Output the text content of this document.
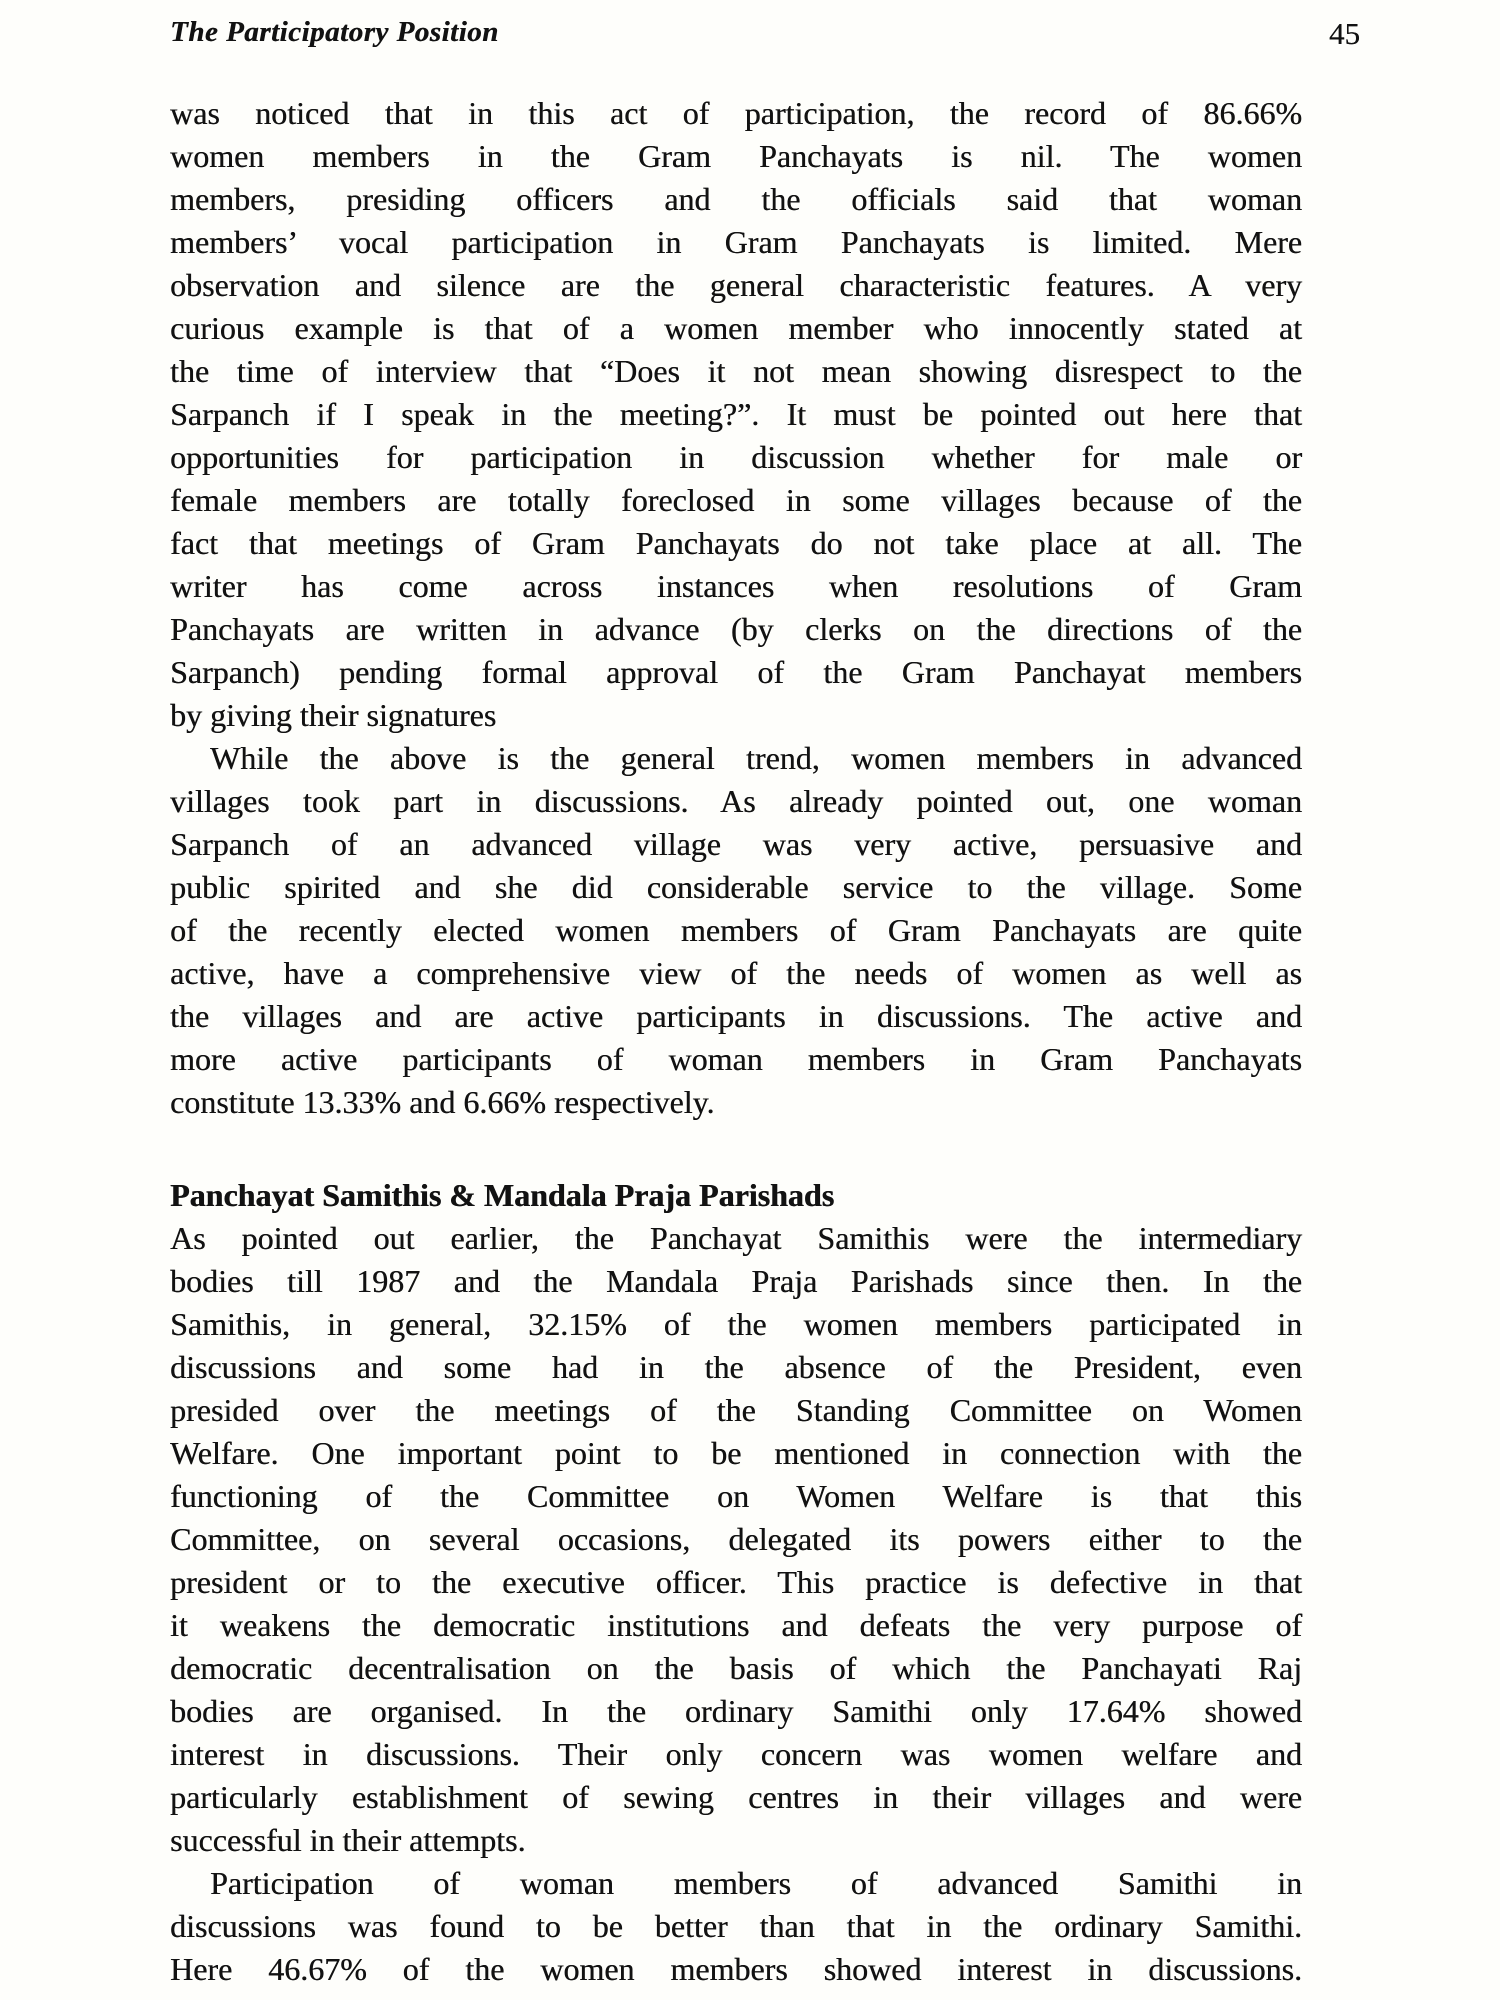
The Participatory Position	45
was noticed that in this act of participation, the record of 86.66%
women members in the Gram Panchayats is nil. The women
members, presiding officers and the officials said that woman
members’ vocal participation in Gram Panchayats is limited. Mere
observation and silence are the general characteristic features. A very
curious example is that of a women member who innocently stated at
the time of interview that “Does it not mean showing disrespect to the
Sarpanch if I speak in the meeting?”. It must be pointed out here that
opportunities for participation in discussion whether for male or
female members are totally foreclosed in some villages because of the
fact that meetings of Gram Panchayats do not take place at all. The
writer has come across instances when resolutions of Gram
Panchayats are written in advance (by clerks on the directions of the
Sarpanch) pending formal approval of the Gram Panchayat members
by giving their signatures
While the above is the general trend, women members in advanced
villages took part in discussions. As already pointed out, one woman
Sarpanch of an advanced village was very active, persuasive and
public spirited and she did considerable service to the village. Some
of the recently elected women members of Gram Panchayats are quite
active, have a comprehensive view of the needs of women as well as
the villages and are active participants in discussions. The active and
more active participants of woman members in Gram Panchayats
constitute 13.33% and 6.66% respectively.
Panchayat Samithis & Mandala Praja Parishads
As pointed out earlier, the Panchayat Samithis were the intermediary
bodies till 1987 and the Mandala Praja Parishads since then. In the
Samithis, in general, 32.15% of the women members participated in
discussions and some had in the absence of the President, even
presided over the meetings of the Standing Committee on Women
Welfare. One important point to be mentioned in connection with the
functioning of the Committee on Women Welfare is that this
Committee, on several occasions, delegated its powers either to the
president or to the executive officer. This practice is defective in that
it weakens the democratic institutions and defeats the very purpose of
democratic decentralisation on the basis of which the Panchayati Raj
bodies are organised. In the ordinary Samithi only 17.64% showed
interest in discussions. Their only concern was women welfare and
particularly establishment of sewing centres in their villages and were
successful in their attempts.
Participation of woman members of advanced Samithi in
discussions was found to be better than that in the ordinary Samithi.
Here 46.67% of the women members showed interest in discussions.
